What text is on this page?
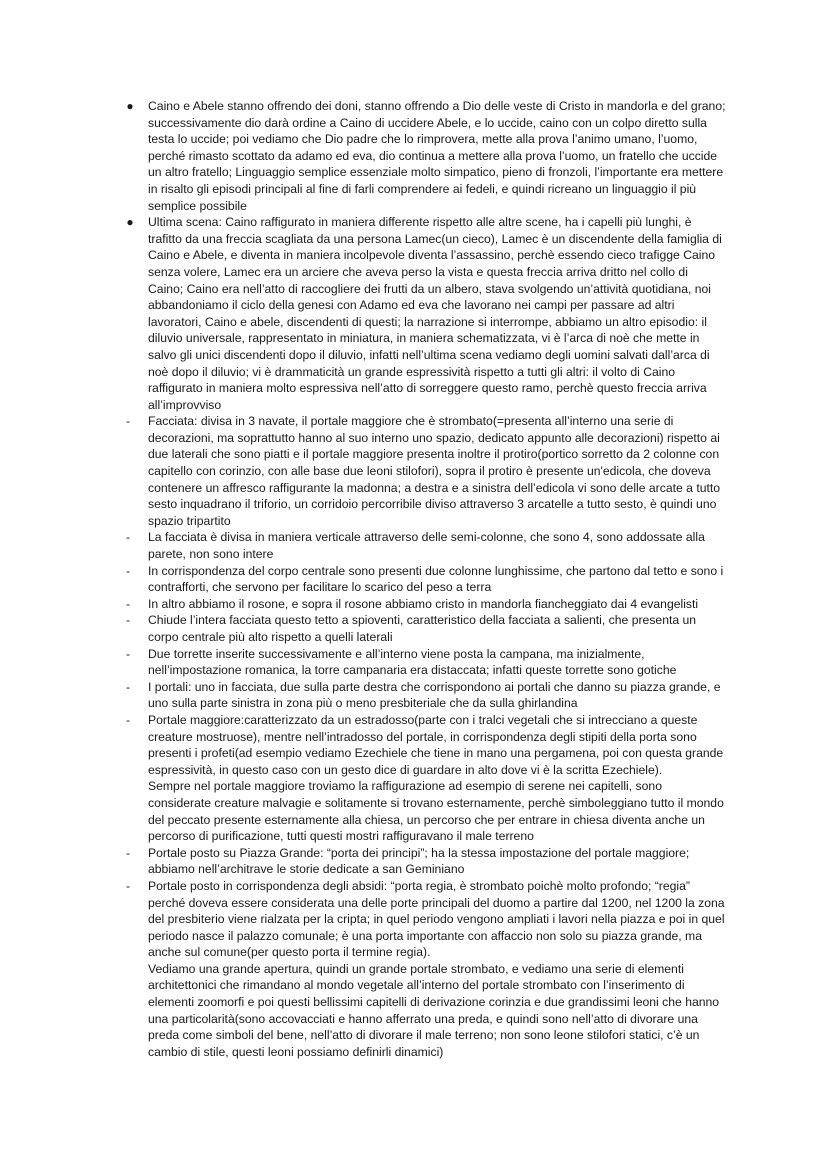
● Caino e Abele stanno offrendo dei doni, stanno offrendo a Dio delle veste di Cristo in mandorla e del grano; successivamente dio darà ordine a Caino di uccidere Abele, e lo uccide, caino con un colpo diretto sulla testa lo uccide; poi vediamo che Dio padre che lo rimprovera, mette alla prova l’animo umano, l’uomo, perché rimasto scottato da adamo ed eva, dio continua a mettere alla prova l’uomo, un fratello che uccide un altro fratello; Linguaggio semplice essenziale molto simpatico, pieno di fronzoli, l’importante era mettere in risalto gli episodi principali al fine di farli comprendere ai fedeli, e quindi ricreano un linguaggio il più semplice possibile

● Ultima scena: Caino raffigurato in maniera differente rispetto alle altre scene, ha i capelli più lunghi, è trafitto da una freccia scagliata da una persona Lamec(un cieco), Lamec è un discendente della famiglia di Caino e Abele, e diventa in maniera incolpevole diventa l’assassino, perchè essendo cieco trafigge Caino senza volere, Lamec era un arciere che aveva perso la vista e questa freccia arriva dritto nel collo di Caino; Caino era nell’atto di raccogliere dei frutti da un albero, stava svolgendo un’attività quotidiana, noi abbandoniamo il ciclo della genesi con Adamo ed eva che lavorano nei campi per passare ad altri lavoratori, Caino e abele, discendenti di questi; la narrazione si interrompe, abbiamo un altro episodio: il diluvio universale, rappresentato in miniatura, in maniera schematizzata, vi è l’arca di noè che mette in salvo gli unici discendenti dopo il diluvio, infatti nell’ultima scena vediamo degli uomini salvati dall’arca di noè dopo il diluvio; vi è drammaticità un grande espressività rispetto a tutti gli altri: il volto di Caino raffigurato in maniera molto espressiva nell’atto di sorreggere questo ramo, perchè questo freccia arriva all’improvviso

-	Facciata: divisa in 3 navate, il portale maggiore che è strombato(=presenta all’interno una serie di decorazioni, ma soprattutto hanno al suo interno uno spazio, dedicato appunto alle decorazioni) rispetto ai due laterali che sono piatti e il portale maggiore presenta inoltre il protiro(portico sorretto da 2 colonne con capitello con corinzio, con alle base due leoni stilofori), sopra il protiro è presente un'edicola, che doveva contenere un affresco raffigurante la madonna; a destra e a sinistra dell’edicola vi sono delle arcate a tutto sesto inquadrano il triforio, un corridoio percorribile diviso attraverso 3 arcatelle a tutto sesto, è quindi uno spazio tripartito

-	La facciata è divisa in maniera verticale attraverso delle semi-colonne, che sono 4, sono addossate alla parete, non sono intere

-	In corrispondenza del corpo centrale sono presenti due colonne lunghissime, che partono dal tetto e sono i contrafforti, che servono per facilitare lo scarico del peso a terra

-	In altro abbiamo il rosone, e sopra il rosone abbiamo cristo in mandorla fiancheggiato dai 4 evangelisti

-	Chiude l’intera facciata questo tetto a spioventi, caratteristico della facciata a salienti, che presenta un corpo centrale più alto rispetto a quelli laterali

-	Due torrette inserite successivamente e all’interno viene posta la campana, ma inizialmente, nell’impostazione romanica, la torre campanaria era distaccata; infatti queste torrette sono gotiche

-	I portali: uno in facciata, due sulla parte destra che corrispondono ai portali che danno su piazza grande, e uno sulla parte sinistra in zona più o meno presbiteriale che da sulla ghirlandina

-	Portale maggiore:caratterizzato da un estradosso(parte con i tralci vegetali che si intrecciano a queste creature mostruose), mentre nell’intradosso del portale, in corrispondenza degli stipiti della porta sono presenti i profeti(ad esempio vediamo Ezechiele che tiene in mano una pergamena, poi con questa grande espressività, in questo caso con un gesto dice di guardare in alto dove vi è la scritta Ezechiele).

Sempre nel portale maggiore troviamo la raffigurazione ad esempio di serene nei capitelli, sono considerate creature malvagie e solitamente si trovano esternamente, perchè simboleggiano tutto il mondo del peccato presente esternamente alla chiesa, un percorso che per entrare in chiesa diventa anche un percorso di purificazione, tutti questi mostri raffiguravano il male terreno

-	Portale posto su Piazza Grande: “porta dei principi”; ha la stessa impostazione del portale maggiore; abbiamo nell’architrave le storie dedicate a san Geminiano

-	Portale posto in corrispondenza degli absidi: “porta regia, è strombato poichè molto profondo; “regia” perché doveva essere considerata una delle porte principali del duomo a partire dal 1200, nel 1200 la zona del presbiterio viene rialzata per la cripta; in quel periodo vengono ampliati i lavori nella piazza e poi in quel periodo nasce il palazzo comunale; è una porta importante con affaccio non solo su piazza grande, ma anche sul comune(per questo porta il termine regia).

Vediamo una grande apertura, quindi un grande portale strombato, e vediamo una serie di elementi architettonici che rimandano al mondo vegetale all’interno del portale strombato con l’inserimento di elementi zoomorfi e poi questi bellissimi capitelli di derivazione corinzia e due grandissimi leoni che hanno una particolarità(sono accovacciati e hanno afferrato una preda, e quindi sono nell’atto di divorare una preda come simboli del bene, nell’atto di divorare il male terreno; non sono leone stilofori statici, c’è un cambio di stile, questi leoni possiamo definirli dinamici)
